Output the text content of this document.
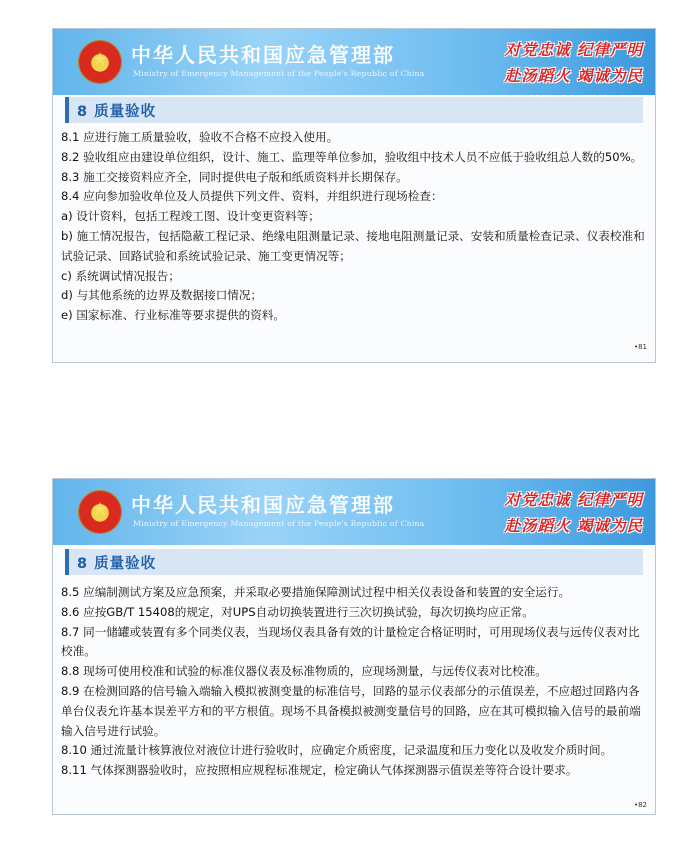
★	中华人民共和国应急管理部
Ministry of Emergency Management of the People's Republic of China
对党忠诚 纪律严明
赴汤蹈火 竭诚为民
8 质量验收

8.1 应进行施工质量验收，验收不合格不应投入使用。

8.2 验收组应由建设单位组织，设计、施工、监理等单位参加，验收组中技术人员不应低于验收组总人数的50%。

8.3 施工交接资料应齐全，同时提供电子版和纸质资料并长期保存。

8.4 应向参加验收单位及人员提供下列文件、资料，并组织进行现场检查：

a) 设计资料，包括工程竣工图、设计变更资料等；

b) 施工情况报告，包括隐蔽工程记录、绝缘电阻测量记录、接地电阻测量记录、安装和质量检查记录、仪表校准和试验记录、回路试验和系统试验记录、施工变更情况等；

c) 系统调试情况报告；

d) 与其他系统的边界及数据接口情况；

e) 国家标准、行业标准等要求提供的资料。

•81
★	中华人民共和国应急管理部
Ministry of Emergency Management of the People's Republic of China
对党忠诚 纪律严明
赴汤蹈火 竭诚为民
8 质量验收

8.5 应编制测试方案及应急预案，并采取必要措施保障测试过程中相关仪表设备和装置的安全运行。

8.6 应按GB/T 15408的规定，对UPS自动切换装置进行三次切换试验，每次切换均应正常。

8.7 同一储罐或装置有多个同类仪表，当现场仪表具备有效的计量检定合格证明时，可用现场仪表与远传仪表对比校准。

8.8 现场可使用校准和试验的标准仪器仪表及标准物质的，应现场测量，与远传仪表对比校准。

8.9 在检测回路的信号输入端输入模拟被测变量的标准信号，回路的显示仪表部分的示值误差，不应超过回路内各单台仪表允许基本误差平方和的平方根值。现场不具备模拟被测变量信号的回路，应在其可模拟输入信号的最前端输入信号进行试验。

8.10 通过流量计核算液位对液位计进行验收时，应确定介质密度，记录温度和压力变化以及收发介质时间。

8.11 气体探测器验收时，应按照相应规程标准规定，检定确认气体探测器示值误差等符合设计要求。

•82
